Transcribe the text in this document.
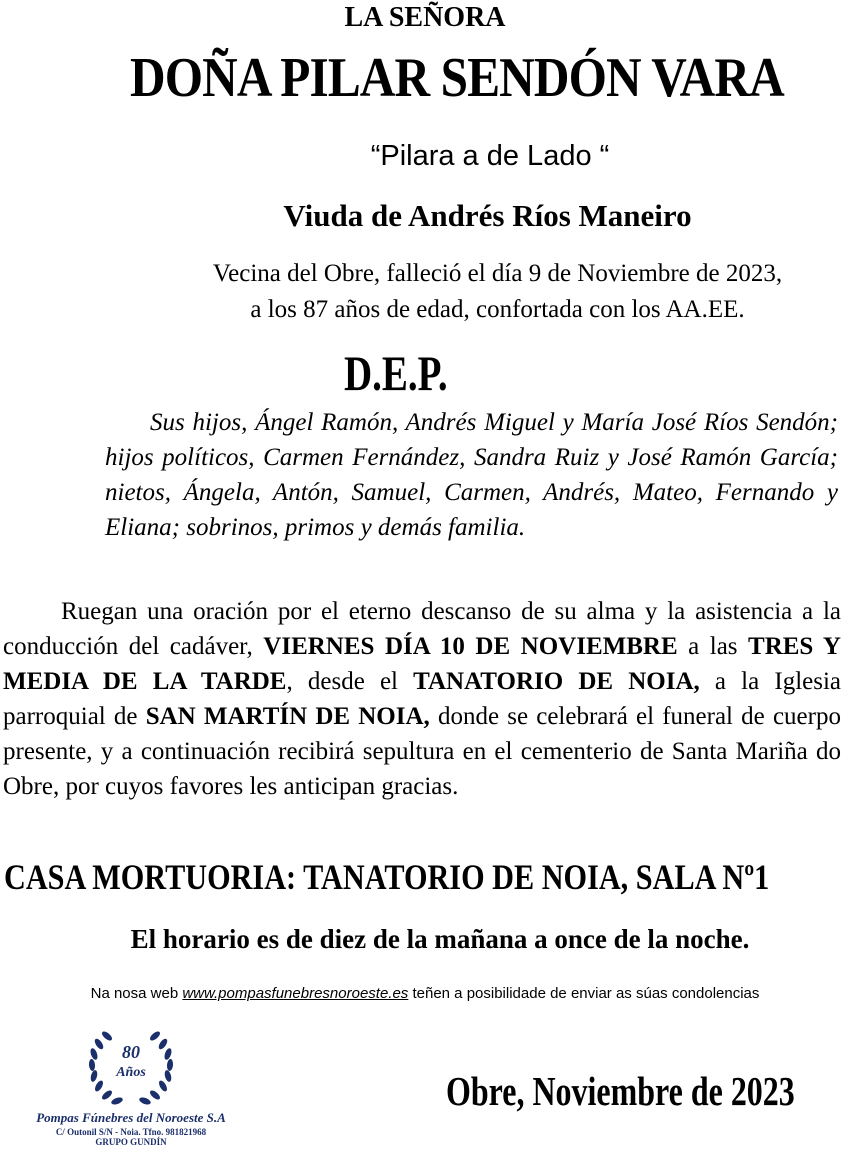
LA SEÑORA

DOÑA PILAR SENDÓN VARA

“Pilara a de Lado “

Viuda de Andrés Ríos Maneiro

Vecina del Obre, falleció el día 9 de Noviembre de 2023,
a los 87 años de edad, confortada con los AA.EE.

D.E.P.

Sus hijos, Ángel Ramón, Andrés Miguel y María José Ríos Sendón; hijos políticos, Carmen Fernández, Sandra Ruiz y José Ramón García; nietos, Ángela, Antón, Samuel, Carmen, Andrés, Mateo, Fernando y Eliana; sobrinos, primos y demás familia.

Ruegan una oración por el eterno descanso de su alma y la asistencia a la conducción del cadáver, VIERNES DÍA 10 DE NOVIEMBRE a las TRES Y MEDIA DE LA TARDE, desde el TANATORIO DE NOIA, a la Iglesia parroquial de SAN MARTÍN DE NOIA, donde se celebrará el funeral de cuerpo presente, y a continuación recibirá sepultura en el cementerio de Santa Mariña do Obre, por cuyos favores les anticipan gracias.

CASA MORTUORIA: TANATORIO DE NOIA, SALA Nº1

El horario es de diez de la mañana a once de la noche.

Na nosa web www.pompasfunebresnoroeste.es teñen a posibilidade de enviar as súas condolencias

80
Años
Pompas Fúnebres del Noroeste S.A
C/ Outonil S/N - Noia. Tfno. 981821968
GRUPO GUNDÍN

Obre, Noviembre de 2023
